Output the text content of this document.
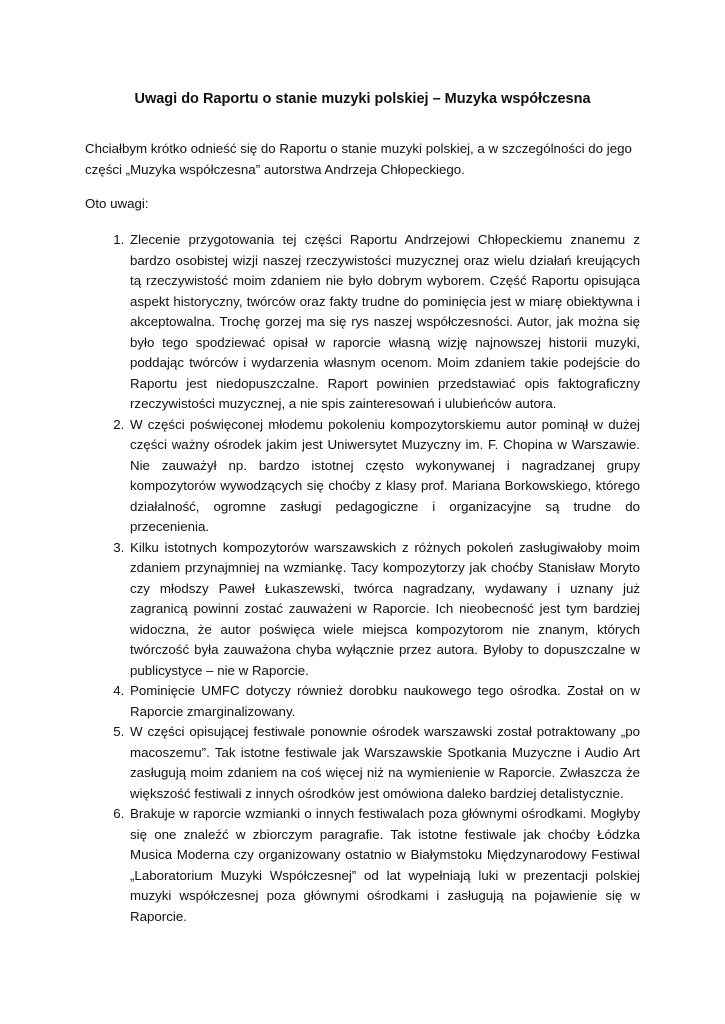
Uwagi do Raportu o stanie muzyki polskiej – Muzyka współczesna

Chciałbym krótko odnieść się do Raportu o stanie muzyki polskiej, a w szczególności do jego części „Muzyka współczesna” autorstwa Andrzeja Chłopeckiego.

Oto uwagi:

1. Zlecenie przygotowania tej części Raportu Andrzejowi Chłopeckiemu znanemu z bardzo osobistej wizji naszej rzeczywistości muzycznej oraz wielu działań kreujących tą rzeczywistość moim zdaniem nie było dobrym wyborem. Część Raportu opisująca aspekt historyczny, twórców oraz fakty trudne do pominięcia jest w miarę obiektywna i akceptowalna. Trochę gorzej ma się rys naszej współczesności. Autor, jak można się było tego spodziewać opisał w raporcie własną wizję najnowszej historii muzyki, poddając twórców i wydarzenia własnym ocenom. Moim zdaniem takie podejście do Raportu jest niedopuszczalne. Raport powinien przedstawiać opis faktograficzny rzeczywistości muzycznej, a nie spis zainteresowań i ulubieńców autora.
2. W części poświęconej młodemu pokoleniu kompozytorskiemu autor pominął w dużej części ważny ośrodek jakim jest Uniwersytet Muzyczny im. F. Chopina w Warszawie. Nie zauważył np. bardzo istotnej często wykonywanej i nagradzanej grupy kompozytorów wywodzących się choćby z klasy prof. Mariana Borkowskiego, którego działalność, ogromne zasługi pedagogiczne i organizacyjne są trudne do przecenienia.
3. Kilku istotnych kompozytorów warszawskich z różnych pokoleń zasługiwałoby moim zdaniem przynajmniej na wzmiankę. Tacy kompozytorzy jak choćby Stanisław Moryto czy młodszy Paweł Łukaszewski, twórca nagradzany, wydawany i uznany już zagranicą powinni zostać zauważeni w Raporcie. Ich nieobecność jest tym bardziej widoczna, że autor poświęca wiele miejsca kompozytorom nie znanym, których twórczość była zauważona chyba wyłącznie przez autora. Byłoby to dopuszczalne w publicystyce – nie w Raporcie.
4. Pominięcie UMFC dotyczy również dorobku naukowego tego ośrodka. Został on w Raporcie zmarginalizowany.
5. W części opisującej festiwale ponownie ośrodek warszawski został potraktowany „po macoszemu”. Tak istotne festiwale jak Warszawskie Spotkania Muzyczne i Audio Art zasługują moim zdaniem na coś więcej niż na wymienienie w Raporcie. Zwłaszcza że większość festiwali z innych ośrodków jest omówiona daleko bardziej detalistycznie.
6. Brakuje w raporcie wzmianki o innych festiwalach poza głównymi ośrodkami. Mogłyby się one znaleźć w zbiorczym paragrafie. Tak istotne festiwale jak choćby Łódzka Musica Moderna czy organizowany ostatnio w Białymstoku Międzynarodowy Festiwal „Laboratorium Muzyki Współczesnej” od lat wypełniają luki w prezentacji polskiej muzyki współczesnej poza głównymi ośrodkami i zasługują na pojawienie się w Raporcie.
